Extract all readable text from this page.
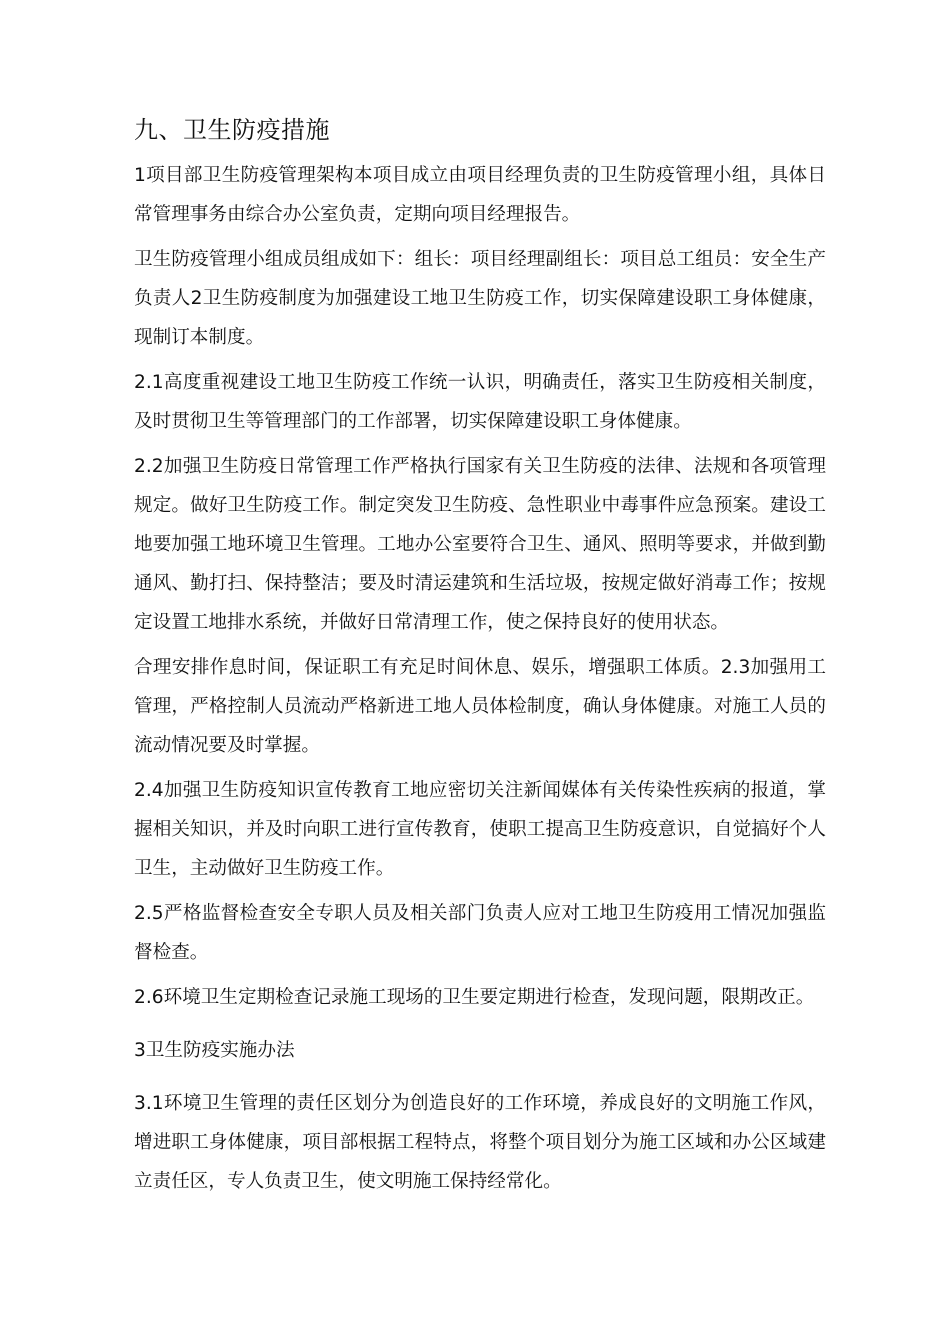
九、卫生防疫措施

1项目部卫生防疫管理架构本项目成立由项目经理负责的卫生防疫管理小组，具体日常管理事务由综合办公室负责，定期向项目经理报告。

卫生防疫管理小组成员组成如下：组长：项目经理副组长：项目总工组员：安全生产负责人2卫生防疫制度为加强建设工地卫生防疫工作，切实保障建设职工身体健康，现制订本制度。

2.1高度重视建设工地卫生防疫工作统一认识，明确责任，落实卫生防疫相关制度，及时贯彻卫生等管理部门的工作部署，切实保障建设职工身体健康。

2.2加强卫生防疫日常管理工作严格执行国家有关卫生防疫的法律、法规和各项管理规定。做好卫生防疫工作。制定突发卫生防疫、急性职业中毒事件应急预案。建设工地要加强工地环境卫生管理。工地办公室要符合卫生、通风、照明等要求，并做到勤通风、勤打扫、保持整洁；要及时清运建筑和生活垃圾，按规定做好消毒工作；按规定设置工地排水系统，并做好日常清理工作，使之保持良好的使用状态。

合理安排作息时间，保证职工有充足时间休息、娱乐，增强职工体质。2.3加强用工管理，严格控制人员流动严格新进工地人员体检制度，确认身体健康。对施工人员的流动情况要及时掌握。

2.4加强卫生防疫知识宣传教育工地应密切关注新闻媒体有关传染性疾病的报道，掌握相关知识，并及时向职工进行宣传教育，使职工提高卫生防疫意识，自觉搞好个人卫生，主动做好卫生防疫工作。

2.5严格监督检查安全专职人员及相关部门负责人应对工地卫生防疫用工情况加强监督检查。

2.6环境卫生定期检查记录施工现场的卫生要定期进行检查，发现问题，限期改正。

3卫生防疫实施办法

3.1环境卫生管理的责任区划分为创造良好的工作环境，养成良好的文明施工作风，增进职工身体健康，项目部根据工程特点，将整个项目划分为施工区域和办公区域建立责任区，专人负责卫生，使文明施工保持经常化。
